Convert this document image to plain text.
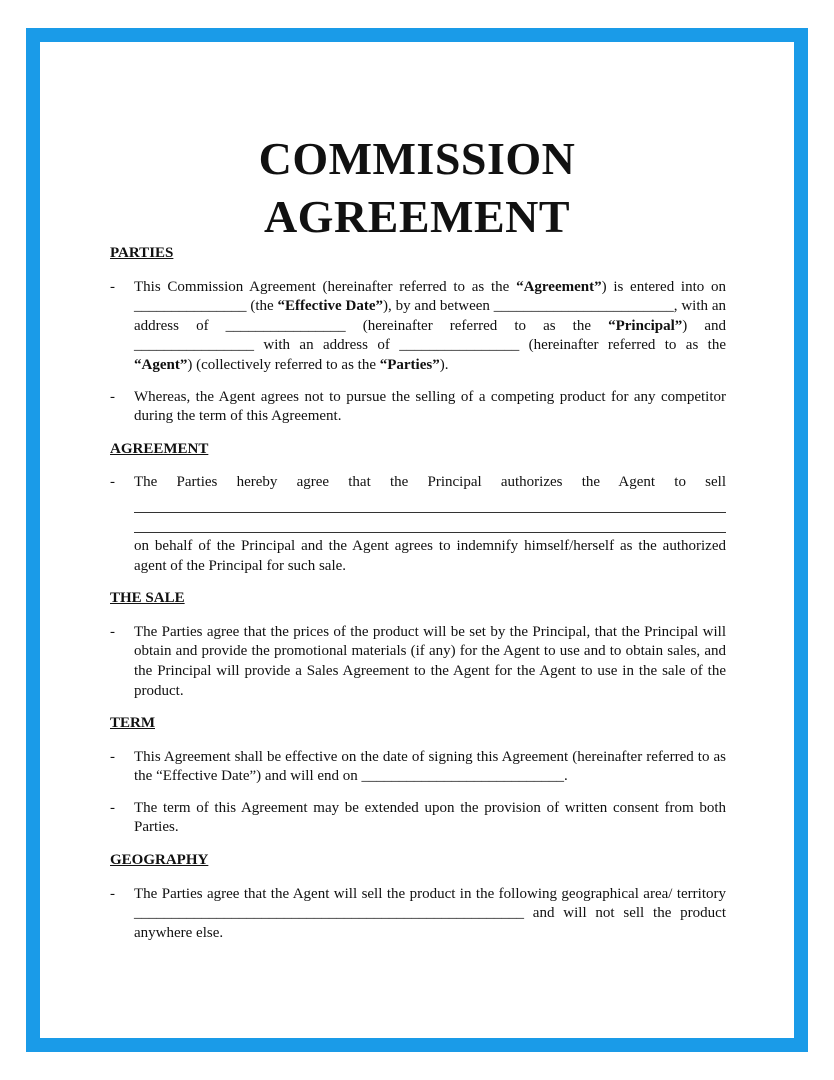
COMMISSION
AGREEMENT

PARTIES

- This Commission Agreement (hereinafter referred to as the “Agreement”) is entered into on _______________ (the “Effective Date”), by and between ________________________, with an address of ________________ (hereinafter referred to as the “Principal”) and ________________ with an address of ________________ (hereinafter referred to as the “Agent”) (collectively referred to as the “Parties”).
- Whereas, the Agent agrees not to pursue the selling of a competing product for any competitor during the term of this Agreement.

AGREEMENT

- The Parties hereby agree that the Principal authorizes the Agent to sell
on behalf of the Principal and the Agent agrees to indemnify himself/herself as the authorized agent of the Principal for such sale.

THE SALE

- The Parties agree that the prices of the product will be set by the Principal, that the Principal will obtain and provide the promotional materials (if any) for the Agent to use and to obtain sales, and the Principal will provide a Sales Agreement to the Agent for the Agent to use in the sale of the product.

TERM

- This Agreement shall be effective on the date of signing this Agreement (hereinafter referred to as the “Effective Date”) and will end on ___________________________.
- The term of this Agreement may be extended upon the provision of written consent from both Parties.

GEOGRAPHY

- The Parties agree that the Agent will sell the product in the following geographical area/ territory ____________________________________________________ and will not sell the product anywhere else.
